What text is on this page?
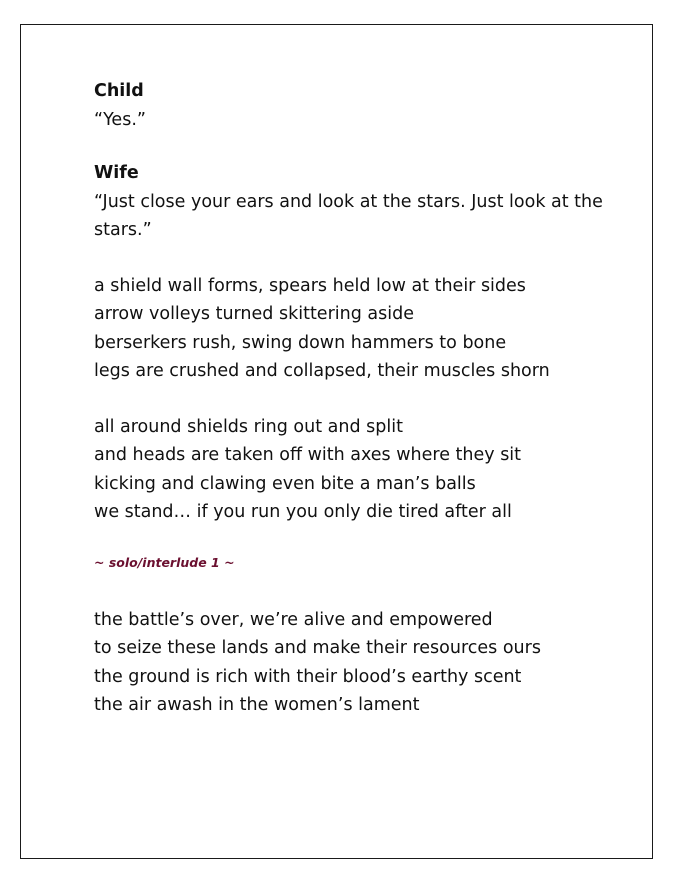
Child

“Yes.”

Wife

“Just close your ears and look at the stars. Just look at the stars.”

a shield wall forms, spears held low at their sides

arrow volleys turned skittering aside

berserkers rush, swing down hammers to bone

legs are crushed and collapsed, their muscles shorn

all around shields ring out and split

and heads are taken off with axes where they sit

kicking and clawing even bite a man’s balls

we stand… if you run you only die tired after all

~ solo/interlude 1 ~

the battle’s over, we’re alive and empowered

to seize these lands and make their resources ours

the ground is rich with their blood’s earthy scent

the air awash in the women’s lament
